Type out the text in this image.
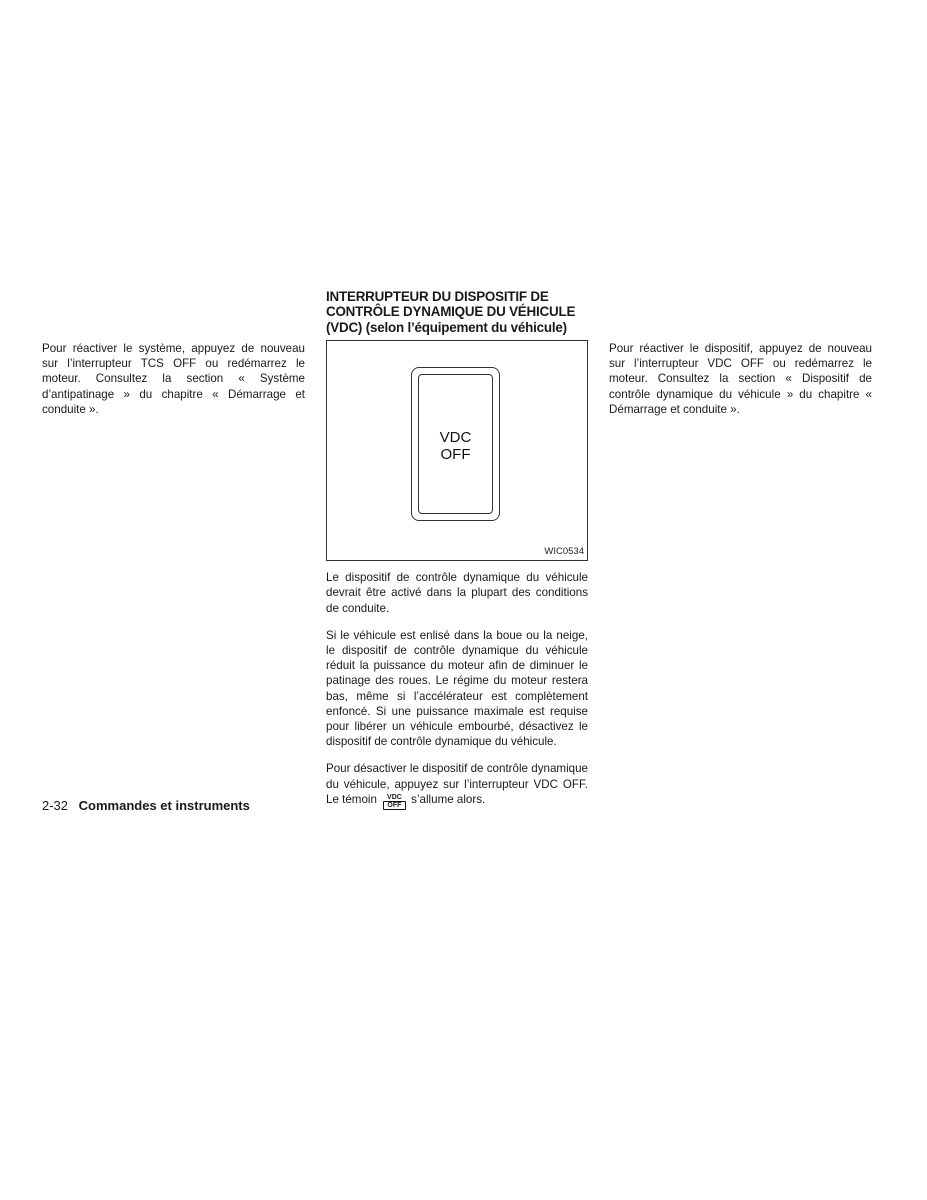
Pour réactiver le système, appuyez de nouveau sur l’interrupteur TCS OFF ou redémarrez le moteur. Consultez la section « Système d’antipatinage » du chapitre « Démarrage et conduite ».

INTERRUPTEUR DU DISPOSITIF DE
CONTRÔLE DYNAMIQUE DU VÉHICULE
(VDC) (selon l’équipement du véhicule)
VDC
OFF
WIC0534

Le dispositif de contrôle dynamique du véhicule devrait être activé dans la plupart des conditions de conduite.

Si le véhicule est enlisé dans la boue ou la neige, le dispositif de contrôle dynamique du véhicule réduit la puissance du moteur afin de diminuer le patinage des roues. Le régime du moteur restera bas, même si l’accélérateur est complètement enfoncé. Si une puissance maximale est requise pour libérer un véhicule embourbé, désactivez le dispositif de contrôle dynamique du véhicule.

Pour désactiver le dispositif de contrôle dynamique du véhicule, appuyez sur l’interrupteur VDC OFF. Le témoin	VDC
OFF s’allume alors.

Pour réactiver le dispositif, appuyez de nouveau sur l’interrupteur VDC OFF ou redémarrez le moteur. Consultez la section « Dispositif de contrôle dynamique du véhicule » du chapitre « Démarrage et conduite ».

2-32 Commandes et instruments
